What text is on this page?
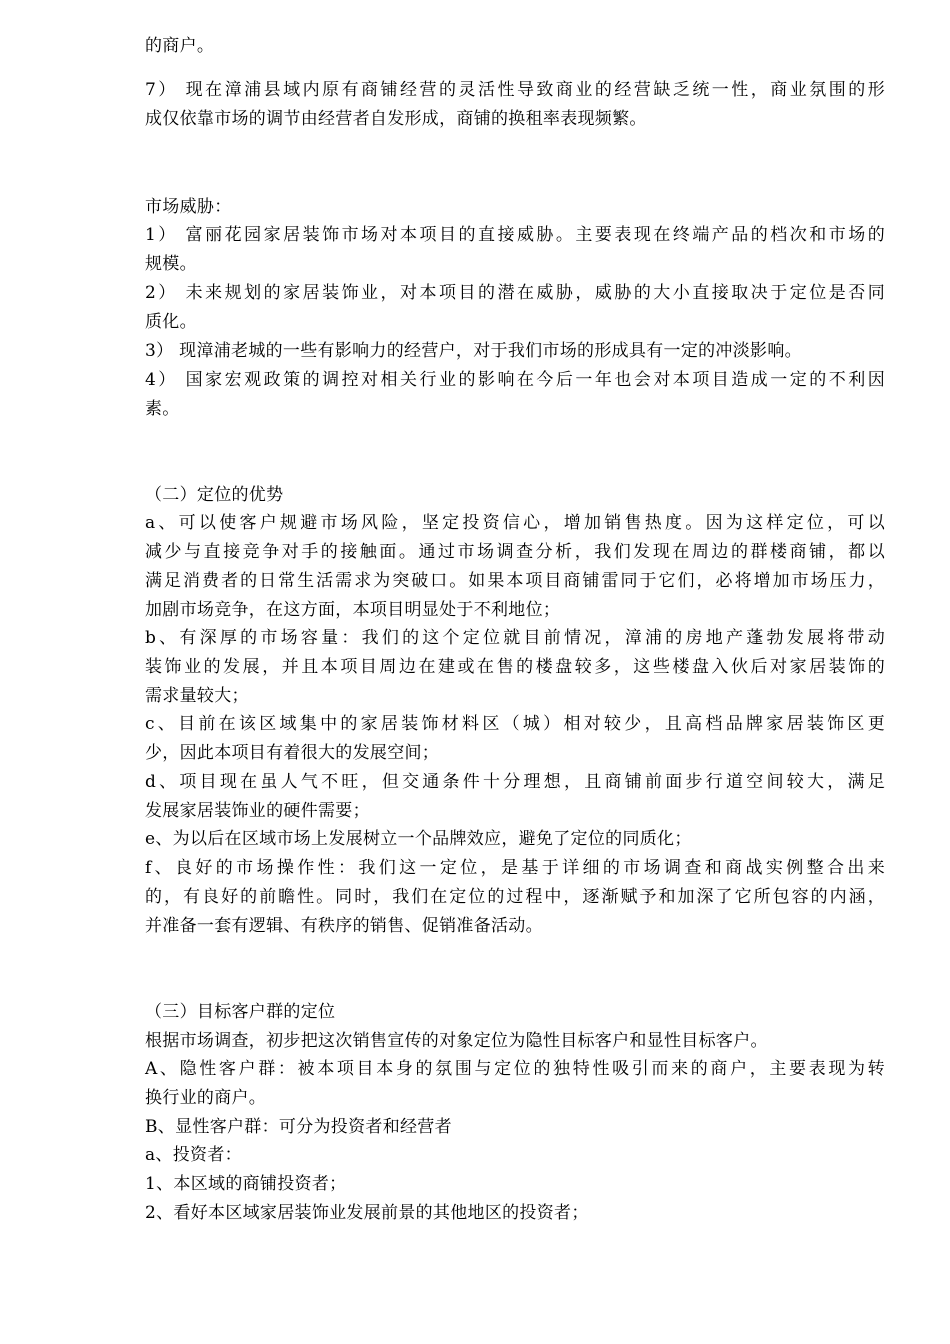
的商户。
7） 现在漳浦县域内原有商铺经营的灵活性导致商业的经营缺乏统一性，商业氛围的形
成仅依靠市场的调节由经营者自发形成，商铺的换租率表现频繁。
市场威胁：
1） 富丽花园家居装饰市场对本项目的直接威胁。主要表现在终端产品的档次和市场的
规模。
2） 未来规划的家居装饰业，对本项目的潜在威胁，威胁的大小直接取决于定位是否同
质化。
3） 现漳浦老城的一些有影响力的经营户，对于我们市场的形成具有一定的冲淡影响。
4） 国家宏观政策的调控对相关行业的影响在今后一年也会对本项目造成一定的不利因
素。
（二）定位的优势
a、可以使客户规避市场风险，坚定投资信心，增加销售热度。因为这样定位，可以
减少与直接竞争对手的接触面。通过市场调查分析，我们发现在周边的群楼商铺，都以
满足消费者的日常生活需求为突破口。如果本项目商铺雷同于它们，必将增加市场压力，
加剧市场竞争，在这方面，本项目明显处于不利地位；
b、有深厚的市场容量：我们的这个定位就目前情况，漳浦的房地产蓬勃发展将带动
装饰业的发展，并且本项目周边在建或在售的楼盘较多，这些楼盘入伙后对家居装饰的
需求量较大；
c、目前在该区域集中的家居装饰材料区（城）相对较少，且高档品牌家居装饰区更
少，因此本项目有着很大的发展空间；
d、项目现在虽人气不旺，但交通条件十分理想，且商铺前面步行道空间较大，满足
发展家居装饰业的硬件需要；
e、为以后在区域市场上发展树立一个品牌效应，避免了定位的同质化；
f、良好的市场操作性：我们这一定位，是基于详细的市场调查和商战实例整合出来
的，有良好的前瞻性。同时，我们在定位的过程中，逐渐赋予和加深了它所包容的内涵，
并准备一套有逻辑、有秩序的销售、促销准备活动。
（三）目标客户群的定位
根据市场调查，初步把这次销售宣传的对象定位为隐性目标客户和显性目标客户。
A、隐性客户群：被本项目本身的氛围与定位的独特性吸引而来的商户，主要表现为转
换行业的商户。
B、显性客户群：可分为投资者和经营者
a、投资者：
1、本区域的商铺投资者；
2、看好本区域家居装饰业发展前景的其他地区的投资者；
